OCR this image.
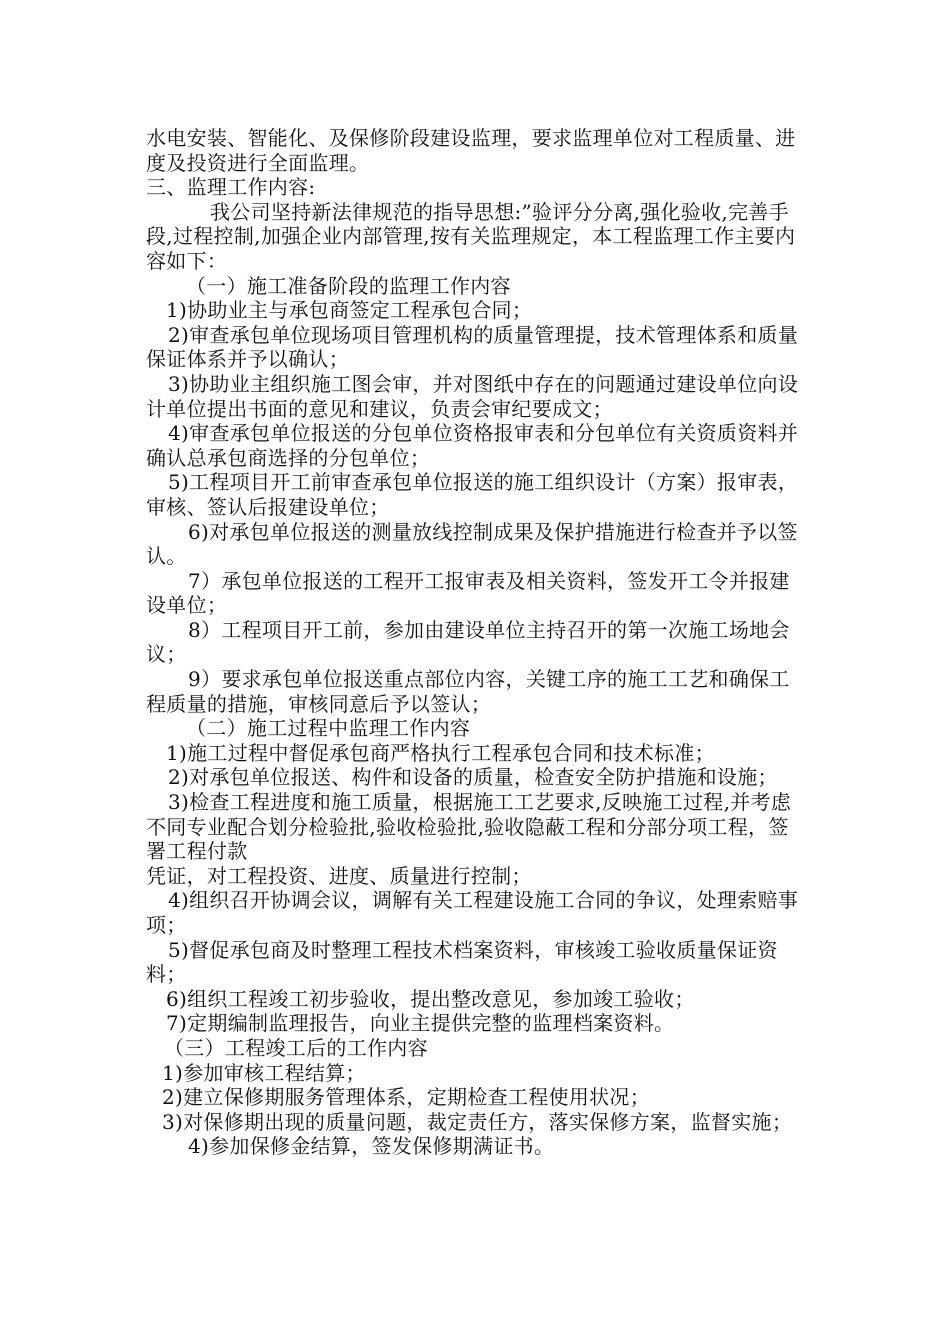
水电安装、智能化、及保修阶段建设监理，要求监理单位对工程质量、进度及投资进行全面监理。

三、监理工作内容:

我公司坚持新法律规范的指导思想:”验评分分离,强化验收,完善手段,过程控制,加强企业内部管理,按有关监理规定，本工程监理工作主要内容如下：

（一）施工准备阶段的监理工作内容

1)协助业主与承包商签定工程承包合同；

2)审查承包单位现场项目管理机构的质量管理提，技术管理体系和质量保证体系并予以确认；

3)协助业主组织施工图会审，并对图纸中存在的问题通过建设单位向设计单位提出书面的意见和建议，负责会审纪要成文；

4)审查承包单位报送的分包单位资格报审表和分包单位有关资质资料并确认总承包商选择的分包单位；

5)工程项目开工前审查承包单位报送的施工组织设计（方案）报审表，审核、签认后报建设单位；

6)对承包单位报送的测量放线控制成果及保护措施进行检查并予以签认。

7）承包单位报送的工程开工报审表及相关资料，签发开工令并报建设单位；

8）工程项目开工前，参加由建设单位主持召开的第一次施工场地会议；

9）要求承包单位报送重点部位内容，关键工序的施工工艺和确保工程质量的措施，审核同意后予以签认；

（二）施工过程中监理工作内容

1)施工过程中督促承包商严格执行工程承包合同和技术标准；

2)对承包单位报送、构件和设备的质量，检查安全防护措施和设施；

3)检查工程进度和施工质量，根据施工工艺要求,反映施工过程,并考虑不同专业配合划分检验批,验收检验批,验收隐蔽工程和分部分项工程，签署工程付款

凭证，对工程投资、进度、质量进行控制；

4)组织召开协调会议，调解有关工程建设施工合同的争议，处理索赔事项；

5)督促承包商及时整理工程技术档案资料，审核竣工验收质量保证资料；

6)组织工程竣工初步验收，提出整改意见，参加竣工验收；

7)定期编制监理报告，向业主提供完整的监理档案资料。

（三）工程竣工后的工作内容

1)参加审核工程结算；

2)建立保修期服务管理体系，定期检查工程使用状况；

3)对保修期出现的质量问题，裁定责任方，落实保修方案，监督实施；

4)参加保修金结算，签发保修期满证书。
